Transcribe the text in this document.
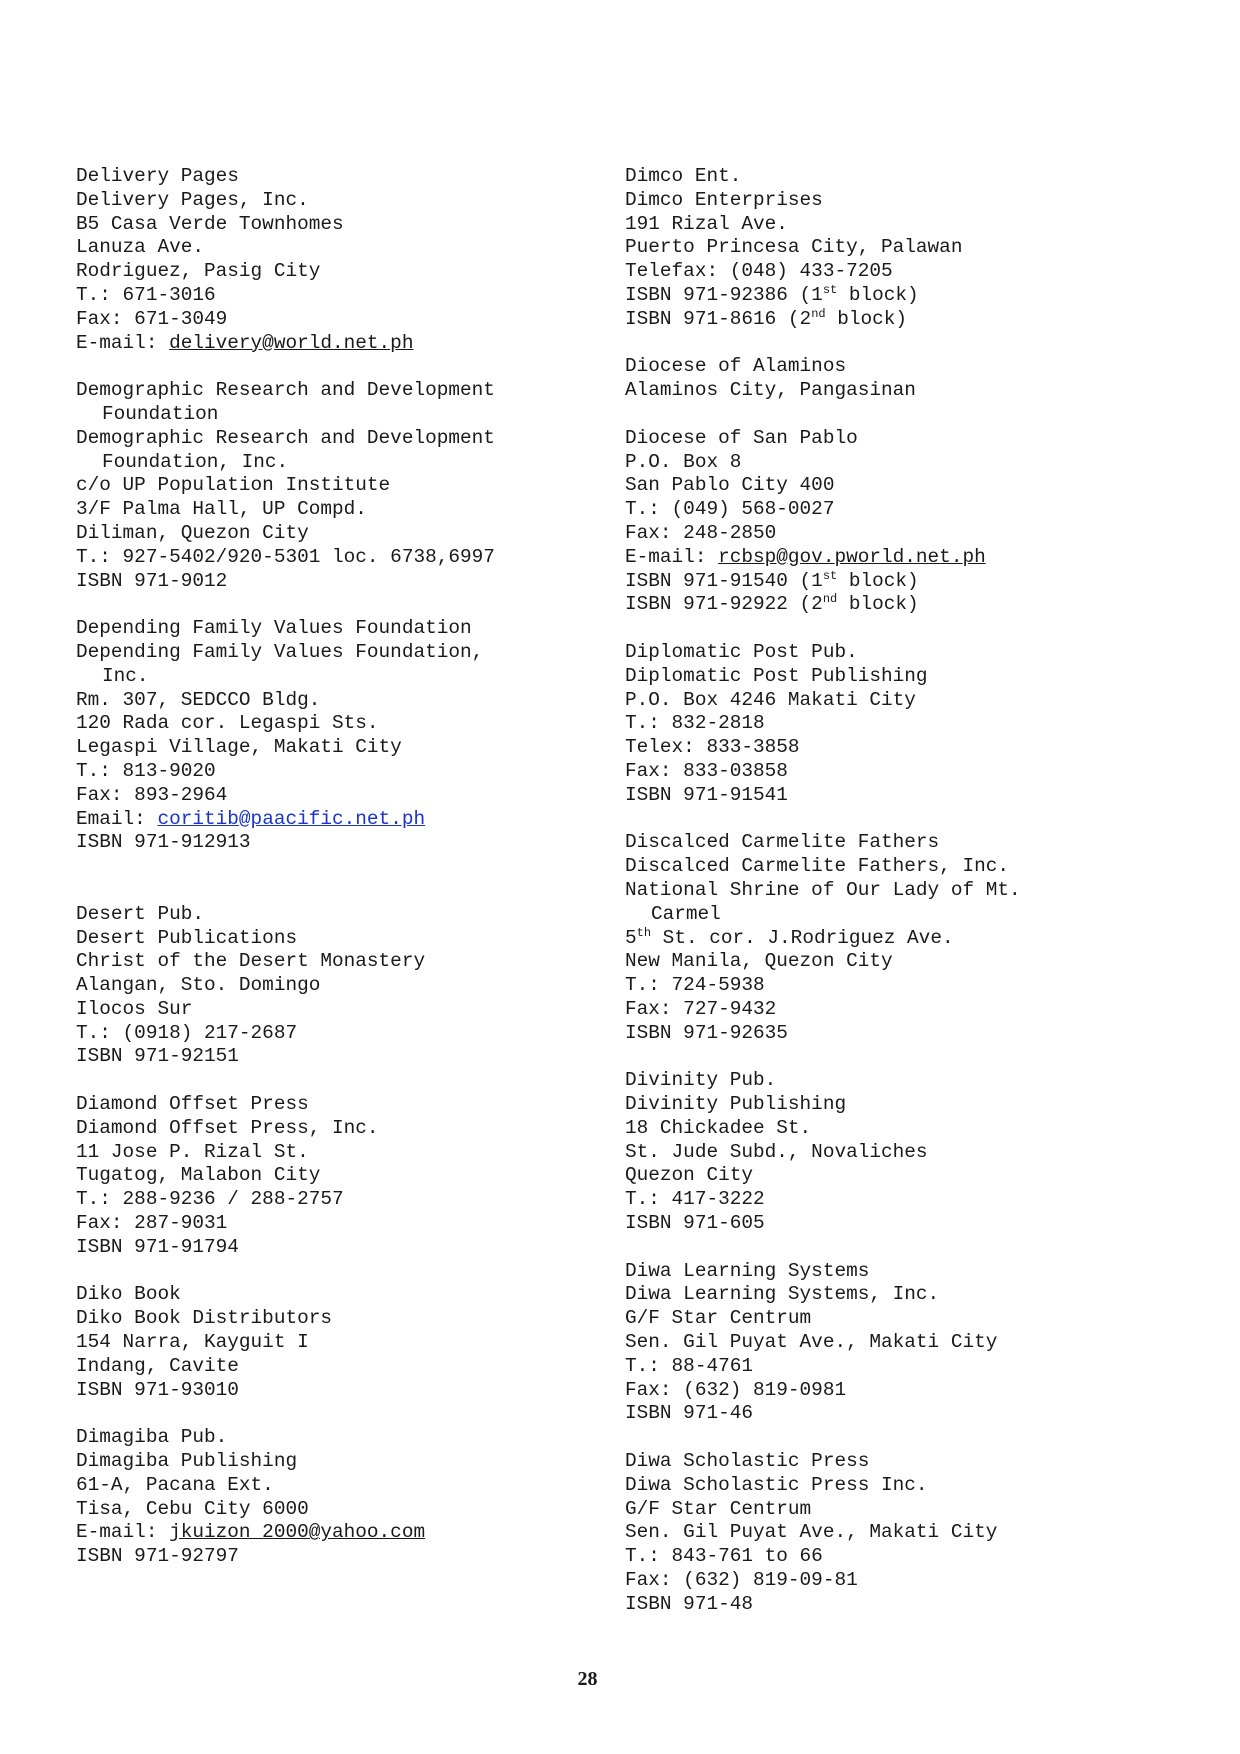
Delivery Pages
Delivery Pages, Inc.
B5 Casa Verde Townhomes
Lanuza Ave.
Rodriguez, Pasig City
T.: 671-3016
Fax: 671-3049
E-mail: delivery@world.net.ph
Demographic Research and Development
Foundation
Demographic Research and Development
Foundation, Inc.
c/o UP Population Institute
3/F Palma Hall, UP Compd.
Diliman, Quezon City
T.: 927-5402/920-5301 loc. 6738,6997
ISBN 971-9012
Depending Family Values Foundation
Depending Family Values Foundation,
Inc.
Rm. 307, SEDCCO Bldg.
120 Rada cor. Legaspi Sts.
Legaspi Village, Makati City
T.: 813-9020
Fax: 893-2964
Email: coritib@paacific.net.ph
ISBN 971-912913
Desert Pub.
Desert Publications
Christ of the Desert Monastery
Alangan, Sto. Domingo
Ilocos Sur
T.: (0918) 217-2687
ISBN 971-92151
Diamond Offset Press
Diamond Offset Press, Inc.
11 Jose P. Rizal St.
Tugatog, Malabon City
T.: 288-9236 / 288-2757
Fax: 287-9031
ISBN 971-91794
Diko Book
Diko Book Distributors
154 Narra, Kayguit I
Indang, Cavite
ISBN 971-93010
Dimagiba Pub.
Dimagiba Publishing
61-A, Pacana Ext.
Tisa, Cebu City 6000
E-mail: jkuizon_2000@yahoo.com
ISBN 971-92797
Dimco Ent.
Dimco Enterprises
191 Rizal Ave.
Puerto Princesa City, Palawan
Telefax: (048) 433-7205
ISBN 971-92386 (1st block)
ISBN 971-8616 (2nd block)
Diocese of Alaminos
Alaminos City, Pangasinan
Diocese of San Pablo
P.O. Box 8
San Pablo City 400
T.: (049) 568-0027
Fax: 248-2850
E-mail: rcbsp@gov.pworld.net.ph
ISBN 971-91540 (1st block)
ISBN 971-92922 (2nd block)
Diplomatic Post Pub.
Diplomatic Post Publishing
P.O. Box 4246 Makati City
T.: 832-2818
Telex: 833-3858
Fax: 833-03858
ISBN 971-91541
Discalced Carmelite Fathers
Discalced Carmelite Fathers, Inc.
National Shrine of Our Lady of Mt.
Carmel
5th St. cor. J.Rodriguez Ave.
New Manila, Quezon City
T.: 724-5938
Fax: 727-9432
ISBN 971-92635
Divinity Pub.
Divinity Publishing
18 Chickadee St.
St. Jude Subd., Novaliches
Quezon City
T.: 417-3222
ISBN 971-605
Diwa Learning Systems
Diwa Learning Systems, Inc.
G/F Star Centrum
Sen. Gil Puyat Ave., Makati City
T.: 88-4761
Fax: (632) 819-0981
ISBN 971-46
Diwa Scholastic Press
Diwa Scholastic Press Inc.
G/F Star Centrum
Sen. Gil Puyat Ave., Makati City
T.: 843-761 to 66
Fax: (632) 819-09-81
ISBN 971-48
28
